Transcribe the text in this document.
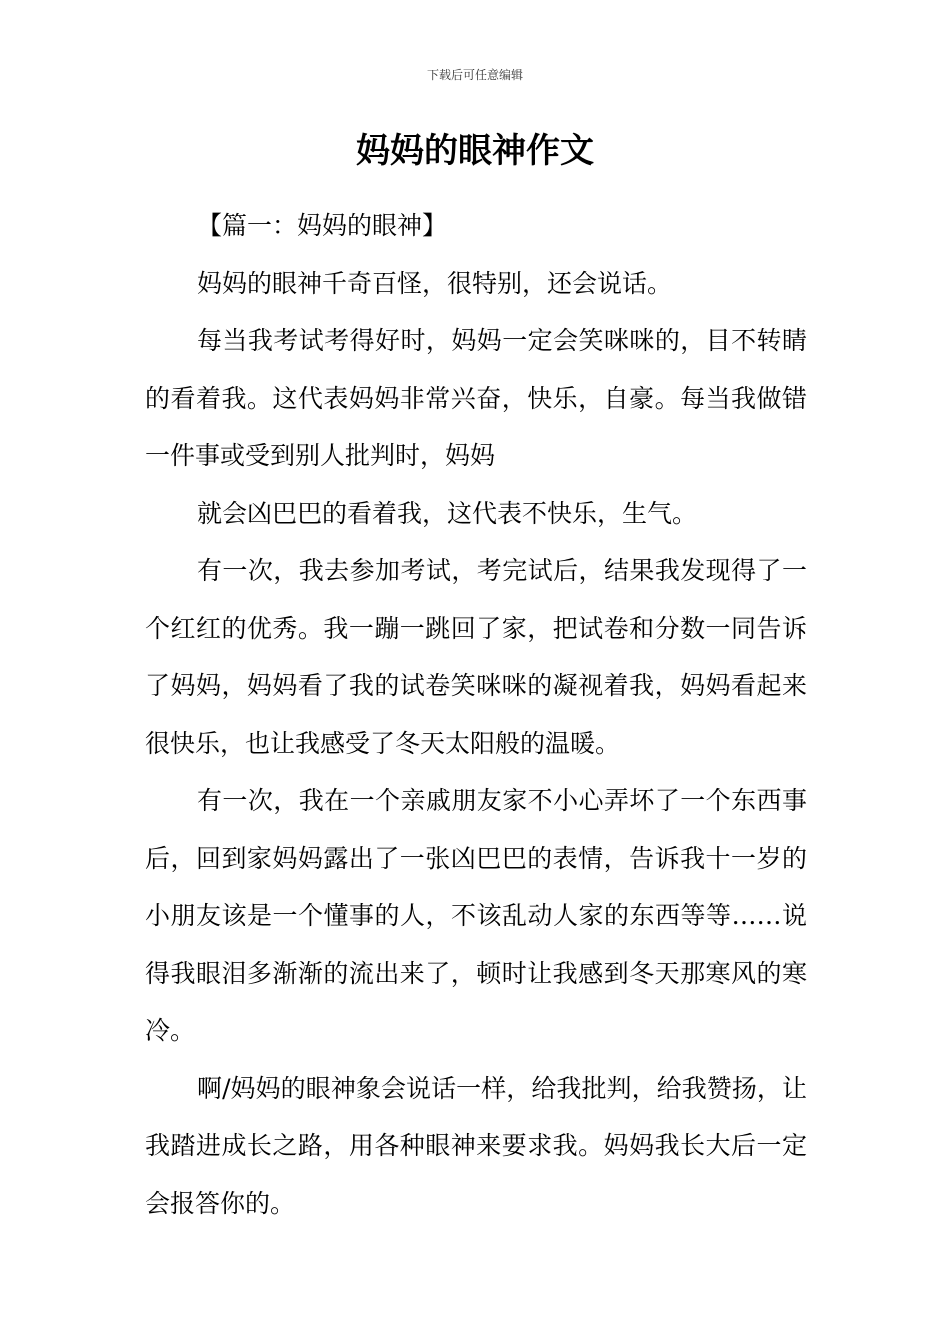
下载后可任意编辑
妈妈的眼神作文

【篇一：妈妈的眼神】

妈妈的眼神千奇百怪，很特别，还会说话。

每当我考试考得好时，妈妈一定会笑咪咪的，目不转睛的看着我。这代表妈妈非常兴奋，快乐，自豪。每当我做错一件事或受到别人批判时，妈妈

就会凶巴巴的看着我，这代表不快乐，生气。

有一次，我去参加考试，考完试后，结果我发现得了一个红红的优秀。我一蹦一跳回了家，把试卷和分数一同告诉了妈妈，妈妈看了我的试卷笑咪咪的凝视着我，妈妈看起来很快乐，也让我感受了冬天太阳般的温暖。

有一次，我在一个亲戚朋友家不小心弄坏了一个东西事后，回到家妈妈露出了一张凶巴巴的表情，告诉我十一岁的小朋友该是一个懂事的人，不该乱动人家的东西等等……说得我眼泪多渐渐的流出来了，顿时让我感到冬天那寒风的寒冷。

啊/妈妈的眼神象会说话一样，给我批判，给我赞扬，让我踏进成长之路，用各种眼神来要求我。妈妈我长大后一定会报答你的。
